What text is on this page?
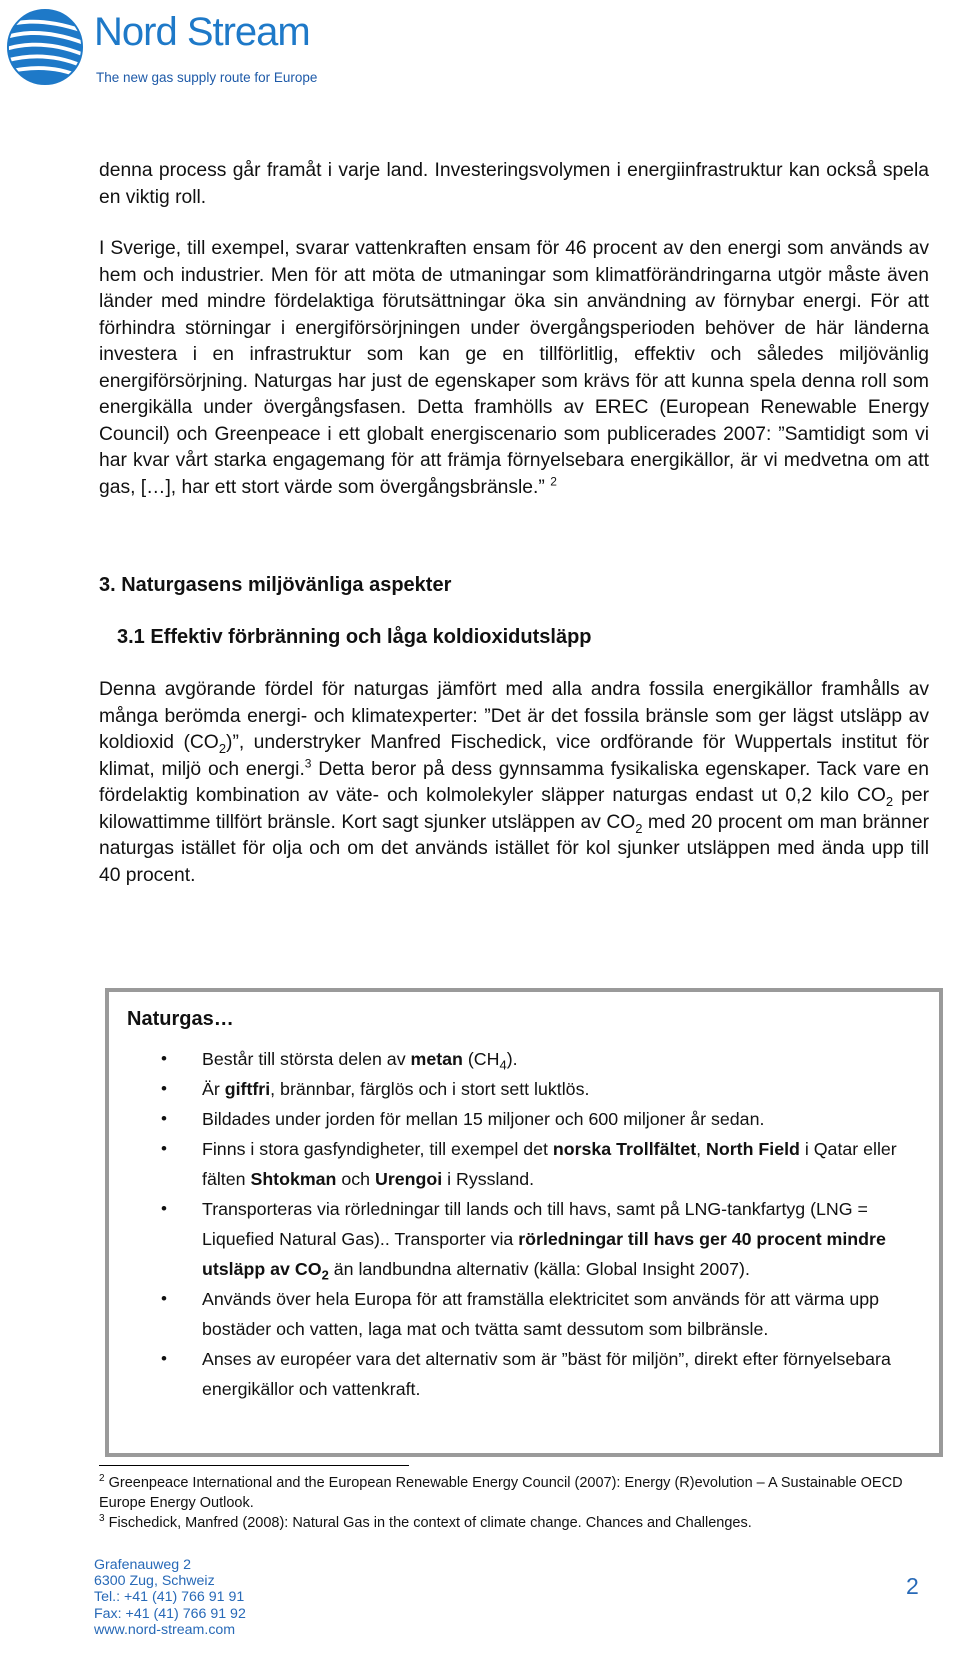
Nord Stream
The new gas supply route for Europe

denna process går framåt i varje land. Investeringsvolymen i energiinfrastruktur kan också spela en viktig roll.

I Sverige, till exempel, svarar vattenkraften ensam för 46 procent av den energi som används av hem och industrier. Men för att möta de utmaningar som klimatförändringarna utgör måste även länder med mindre fördelaktiga förutsättningar öka sin användning av förnybar energi. För att förhindra störningar i energiförsörjningen under övergångsperioden behöver de här länderna investera i en infrastruktur som kan ge en tillförlitlig, effektiv och således miljövänlig energiförsörjning. Naturgas har just de egenskaper som krävs för att kunna spela denna roll som energikälla under övergångsfasen. Detta framhölls av EREC (European Renewable Energy Council) och Greenpeace i ett globalt energiscenario som publicerades 2007: ”Samtidigt som vi har kvar vårt starka engagemang för att främja förnyelsebara energikällor, är vi medvetna om att gas, […], har ett stort värde som övergångsbränsle.” $^2$

3. Naturgasens miljövänliga aspekter
3.1 Effektiv förbränning och låga koldioxidutsläpp

Denna avgörande fördel för naturgas jämfört med alla andra fossila energikällor framhålls av många berömda energi- och klimatexperter: ”Det är det fossila bränsle som ger lägst utsläpp av koldioxid $(CO_2)$”, understryker Manfred Fischedick, vice ordförande för Wuppertals institut för klimat, miljö och energi.$^3$ Detta beror på dess gynnsamma fysikaliska egenskaper. Tack vare en fördelaktig kombination av väte- och kolmolekyler släpper naturgas endast ut 0,2 kilo $CO_2$ per kilowattimme tillfört bränsle. Kort sagt sjunker utsläppen av $CO_2$ med 20 procent om man bränner naturgas istället för olja och om det används istället för kol sjunker utsläppen med ända upp till 40 procent.

Naturgas…
• Består till största delen av metan $(CH_4)$.
• Är giftfri, brännbar, färglös och i stort sett luktlös.
• Bildades under jorden för mellan 15 miljoner och 600 miljoner år sedan.
• Finns i stora gasfyndigheter, till exempel det norska Trollfältet, North Field i Qatar eller fälten Shtokman och Urengoi i Ryssland.
• Transporteras via rörledningar till lands och till havs, samt på LNG-tankfartyg (LNG = Liquefied Natural Gas).. Transporter via rörledningar till havs ger 40 procent mindre utsläpp av $CO_2$ än landbundna alternativ (källa: Global Insight 2007).
• Används över hela Europa för att framställa elektricitet som används för att värma upp bostäder och vatten, laga mat och tvätta samt dessutom som bilbränsle.
• Anses av européer vara det alternativ som är ”bäst för miljön”, direkt efter förnyelsebara energikällor och vattenkraft.

$^2$ Greenpeace International and the European Renewable Energy Council (2007): Energy (R)evolution – A Sustainable OECD Europe Energy Outlook.

$^3$ Fischedick, Manfred (2008): Natural Gas in the context of climate change. Chances and Challenges.

Grafenauweg 2
6300 Zug, Schweiz
Tel.: +41 (41) 766 91 91
Fax: +41 (41) 766 91 92
www.nord-stream.com
2
